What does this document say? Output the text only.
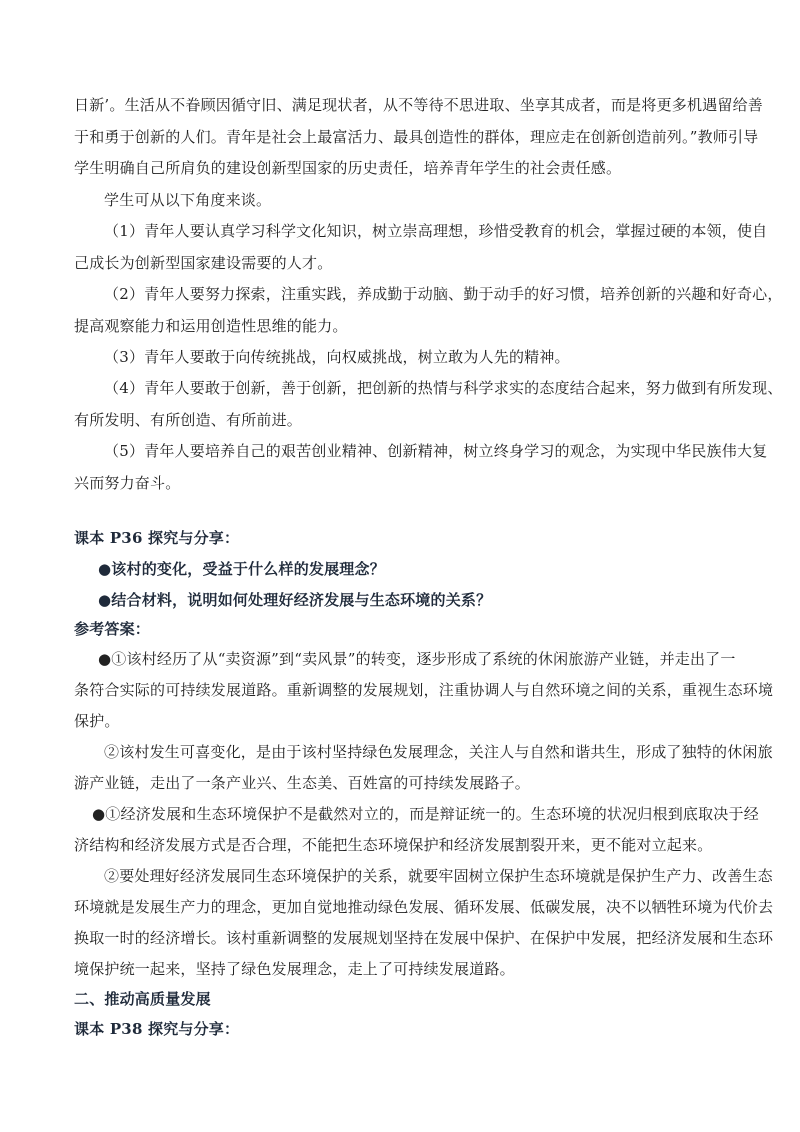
日新’。生活从不眷顾因循守旧、满足现状者，从不等待不思进取、坐享其成者，而是将更多机遇留给善
于和勇于创新的人们。青年是社会上最富活力、最具创造性的群体，理应走在创新创造前列。”教师引导
学生明确自己所肩负的建设创新型国家的历史责任，培养青年学生的社会责任感。
学生可从以下角度来谈。
（1）青年人要认真学习科学文化知识，树立崇高理想，珍惜受教育的机会，掌握过硬的本领，使自
己成长为创新型国家建设需要的人才。
（2）青年人要努力探索，注重实践，养成勤于动脑、勤于动手的好习惯，培养创新的兴趣和好奇心，
提高观察能力和运用创造性思维的能力。
（3）青年人要敢于向传统挑战，向权威挑战，树立敢为人先的精神。
（4）青年人要敢于创新，善于创新，把创新的热情与科学求实的态度结合起来，努力做到有所发现、
有所发明、有所创造、有所前进。
（5）青年人要培养自己的艰苦创业精神、创新精神，树立终身学习的观念，为实现中华民族伟大复
兴而努力奋斗。
课本 P36 探究与分享：
●该村的变化，受益于什么样的发展理念？
●结合材料，说明如何处理好经济发展与生态环境的关系？
参考答案：
●①该村经历了从“卖资源”到“卖风景”的转变，逐步形成了系统的休闲旅游产业链，并走出了一
条符合实际的可持续发展道路。重新调整的发展规划，注重协调人与自然环境之间的关系，重视生态环境
保护。
②该村发生可喜变化，是由于该村坚持绿色发展理念，关注人与自然和谐共生，形成了独特的休闲旅
游产业链，走出了一条产业兴、生态美、百姓富的可持续发展路子。
●①经济发展和生态环境保护不是截然对立的，而是辩证统一的。生态环境的状况归根到底取决于经
济结构和经济发展方式是否合理，不能把生态环境保护和经济发展割裂开来，更不能对立起来。
②要处理好经济发展同生态环境保护的关系，就要牢固树立保护生态环境就是保护生产力、改善生态
环境就是发展生产力的理念，更加自觉地推动绿色发展、循环发展、低碳发展，决不以牺牲环境为代价去
换取一时的经济增长。该村重新调整的发展规划坚持在发展中保护、在保护中发展，把经济发展和生态环
境保护统一起来，坚持了绿色发展理念，走上了可持续发展道路。
二、推动高质量发展
课本 P38 探究与分享：
